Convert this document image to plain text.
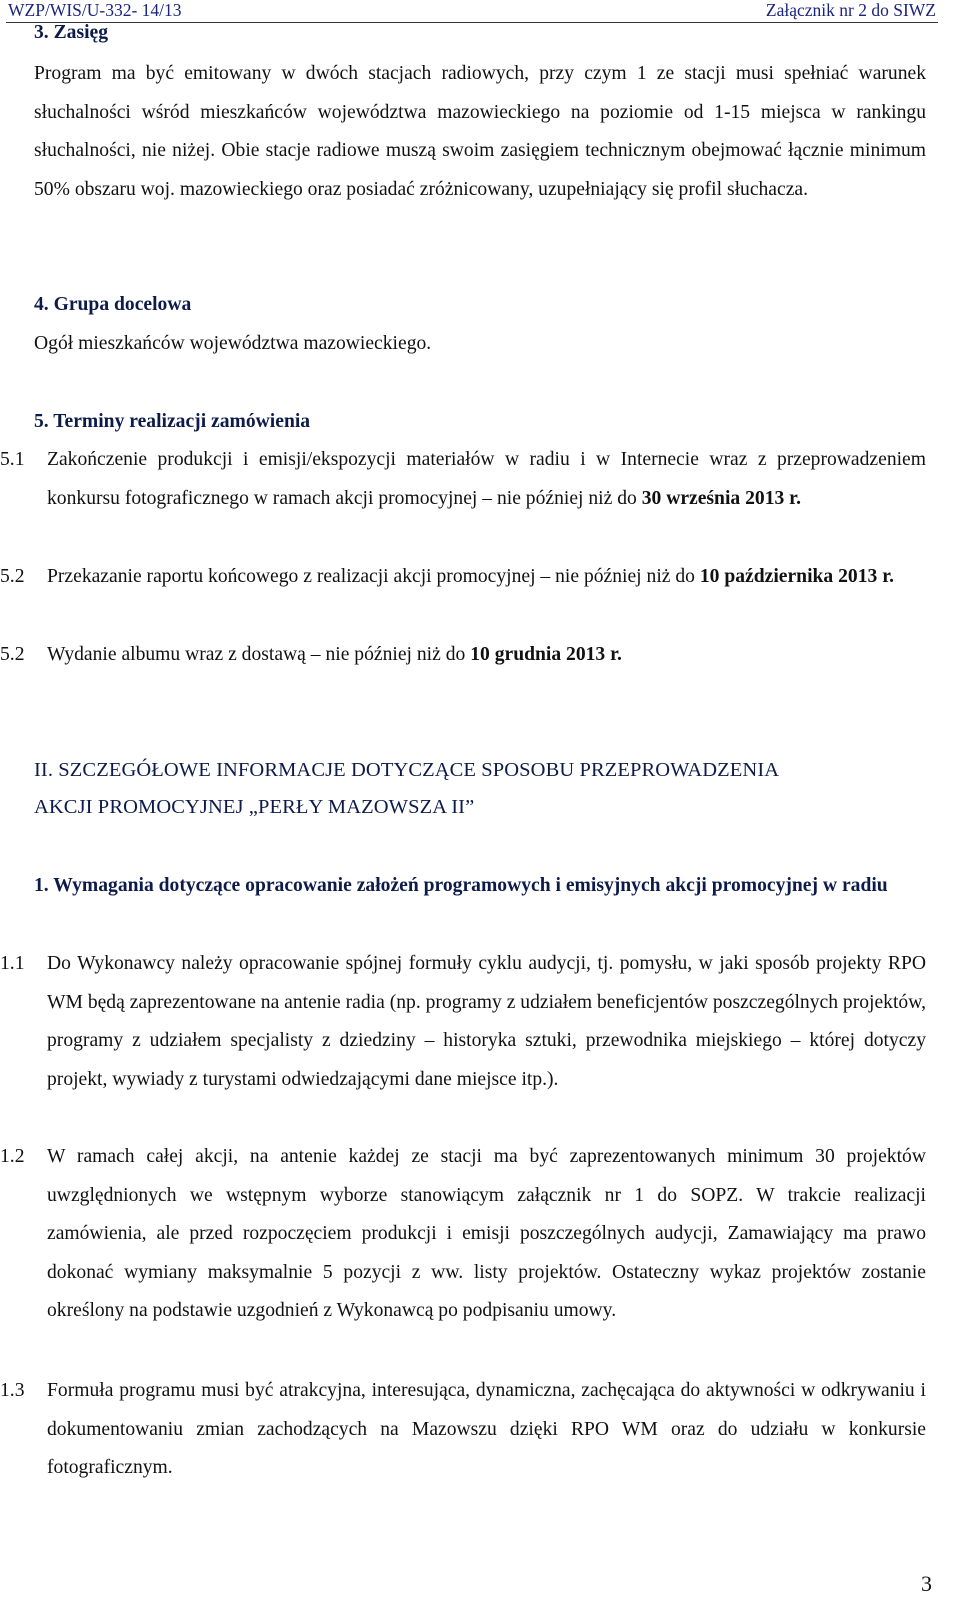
WZP/WIS/U-332- 14/13	Załącznik nr 2 do SIWZ

3. Zasięg

Program ma być emitowany w dwóch stacjach radiowych, przy czym 1 ze stacji musi spełniać warunek słuchalności wśród mieszkańców województwa mazowieckiego na poziomie od 1-15 miejsca w rankingu słuchalności, nie niżej. Obie stacje radiowe muszą swoim zasięgiem technicznym obejmować łącznie minimum 50% obszaru woj. mazowieckiego oraz posiadać zróżnicowany, uzupełniający się profil słuchacza.

4. Grupa docelowa

Ogół mieszkańców województwa mazowieckiego.

5. Terminy realizacji zamówienia

5.1 Zakończenie produkcji i emisji/ekspozycji materiałów w radiu i w Internecie wraz z przeprowadzeniem konkursu fotograficznego w ramach akcji promocyjnej – nie później niż do 30 września 2013 r.

5.2 Przekazanie raportu końcowego z realizacji akcji promocyjnej – nie później niż do 10 października 2013 r.

5.2 Wydanie albumu wraz z dostawą – nie później niż do 10 grudnia 2013 r.

II. SZCZEGÓŁOWE INFORMACJE DOTYCZĄCE SPOSOBU PRZEPROWADZENIA

AKCJI PROMOCYJNEJ „PERŁY MAZOWSZA II”

1. Wymagania dotyczące opracowanie założeń programowych i emisyjnych akcji promocyjnej w radiu

1.1 Do Wykonawcy należy opracowanie spójnej formuły cyklu audycji, tj. pomysłu, w jaki sposób projekty RPO WM będą zaprezentowane na antenie radia (np. programy z udziałem beneficjentów poszczególnych projektów, programy z udziałem specjalisty z dziedziny – historyka sztuki, przewodnika miejskiego – której dotyczy projekt, wywiady z turystami odwiedzającymi dane miejsce itp.).

1.2 W ramach całej akcji, na antenie każdej ze stacji ma być zaprezentowanych minimum 30 projektów uwzględnionych we wstępnym wyborze stanowiącym załącznik nr 1 do SOPZ. W trakcie realizacji zamówienia, ale przed rozpoczęciem produkcji i emisji poszczególnych audycji, Zamawiający ma prawo dokonać wymiany maksymalnie 5 pozycji z ww. listy projektów. Ostateczny wykaz projektów zostanie określony na podstawie uzgodnień z Wykonawcą po podpisaniu umowy.

1.3 Formuła programu musi być atrakcyjna, interesująca, dynamiczna, zachęcająca do aktywności w odkrywaniu i dokumentowaniu zmian zachodzących na Mazowszu dzięki RPO WM oraz do udziału w konkursie fotograficznym.

3
